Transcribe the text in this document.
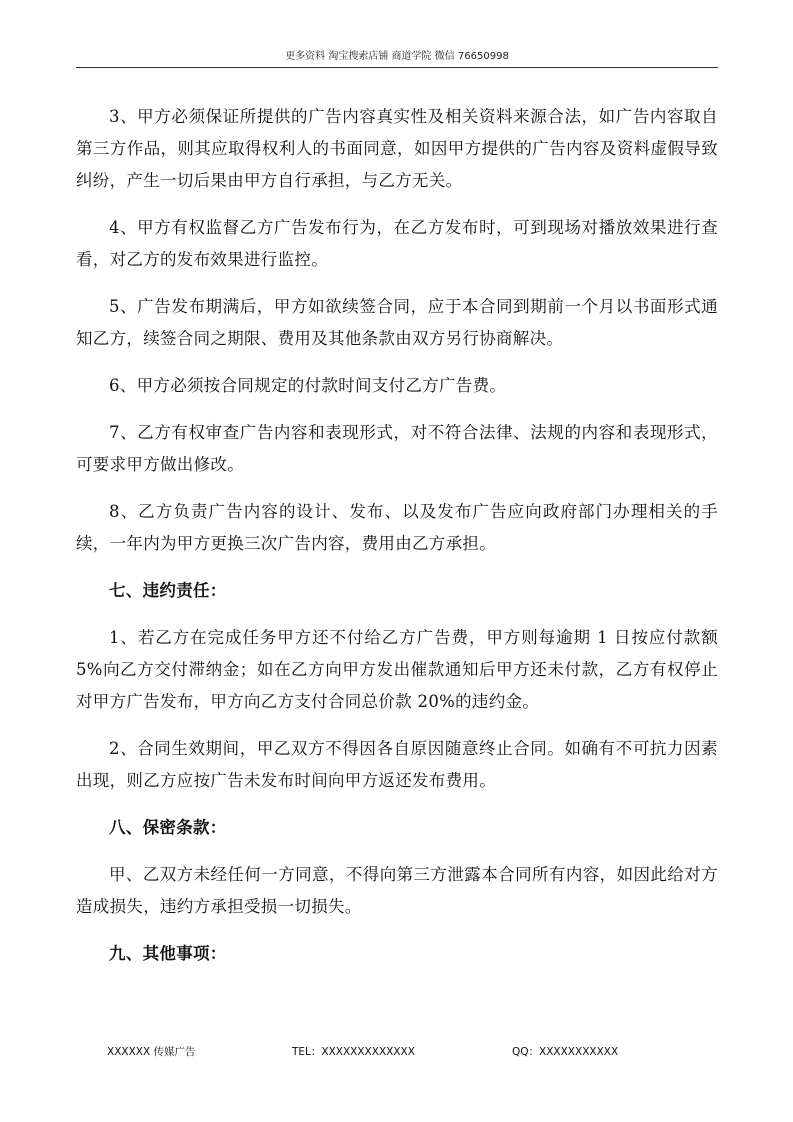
更多资料 淘宝搜索店铺 商道学院 微信 76650998

3、甲方必须保证所提供的广告内容真实性及相关资料来源合法，如广告内容取自第三方作品，则其应取得权利人的书面同意，如因甲方提供的广告内容及资料虚假导致纠纷，产生一切后果由甲方自行承担，与乙方无关。

4、甲方有权监督乙方广告发布行为，在乙方发布时，可到现场对播放效果进行查看，对乙方的发布效果进行监控。

5、广告发布期满后，甲方如欲续签合同，应于本合同到期前一个月以书面形式通知乙方，续签合同之期限、费用及其他条款由双方另行协商解决。

6、甲方必须按合同规定的付款时间支付乙方广告费。

7、乙方有权审查广告内容和表现形式，对不符合法律、法规的内容和表现形式，可要求甲方做出修改。

8、乙方负责广告内容的设计、发布、以及发布广告应向政府部门办理相关的手续，一年内为甲方更换三次广告内容，费用由乙方承担。

七、违约责任：

1、若乙方在完成任务甲方还不付给乙方广告费，甲方则每逾期 1 日按应付款额 5%向乙方交付滞纳金；如在乙方向甲方发出催款通知后甲方还未付款，乙方有权停止对甲方广告发布，甲方向乙方支付合同总价款 20%的违约金。

2、合同生效期间，甲乙双方不得因各自原因随意终止合同。如确有不可抗力因素出现，则乙方应按广告未发布时间向甲方返还发布费用。

八、保密条款：

甲、乙双方未经任何一方同意，不得向第三方泄露本合同所有内容，如因此给对方造成损失，违约方承担受损一切损失。

九、其他事项：

XXXXXX 传媒广告	TEL：XXXXXXXXXXXXX	QQ：XXXXXXXXXXX
